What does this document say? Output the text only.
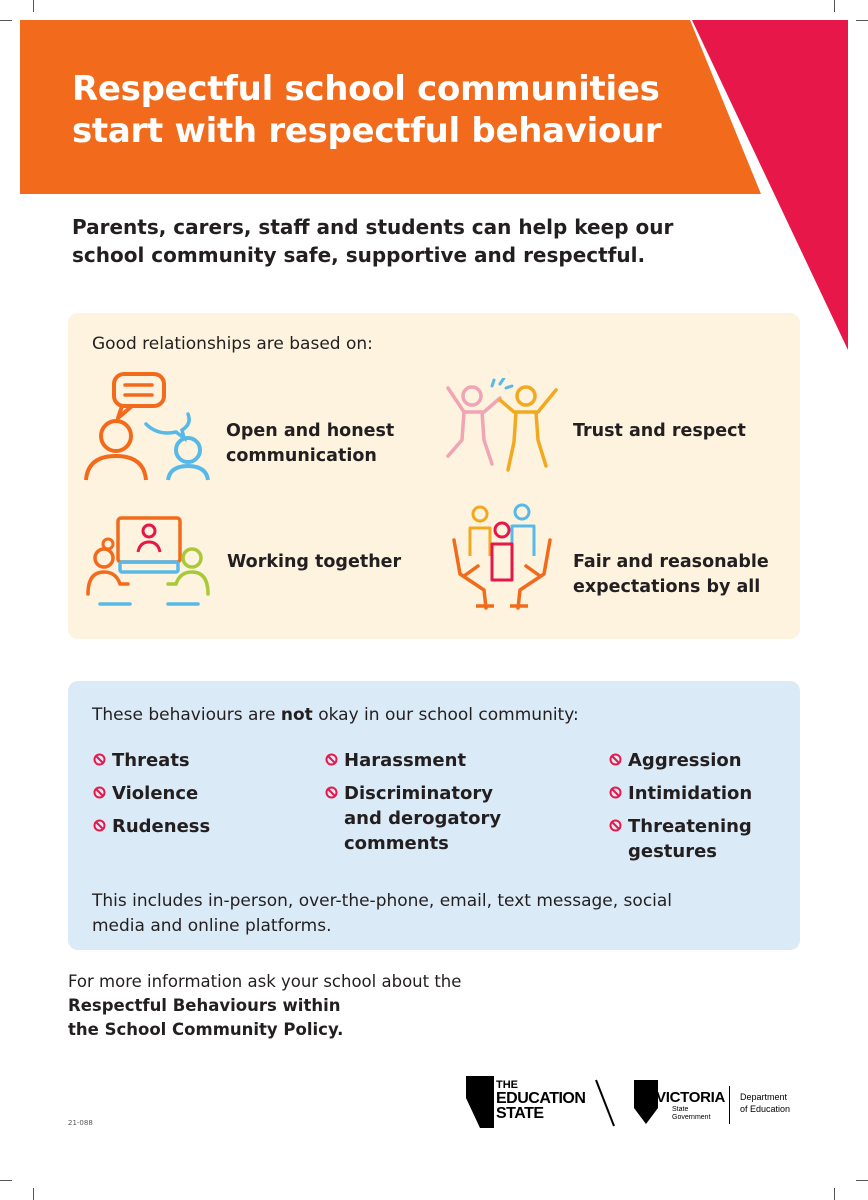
Respectful school communities
start with respectful behaviour
Parents, carers, staff and students can help keep our
school community safe, supportive and respectful.
Good relationships are based on:
Open and honest
communication
Trust and respect
Working together	Fair and reasonable
expectations by all
These behaviours are not okay in our school community:
Threats
Violence
Rudeness
Harassment
Discriminatory
and derogatory
comments
Aggression
Intimidation
Threatening
gestures
This includes in-person, over-the-phone, email, text message, social
media and online platforms.
For more information ask your school about the
Respectful Behaviours within
the School Community Policy.
21-088
THE
EDUCATION
STATE
VICTORIA
State
Government
Department
of Education
